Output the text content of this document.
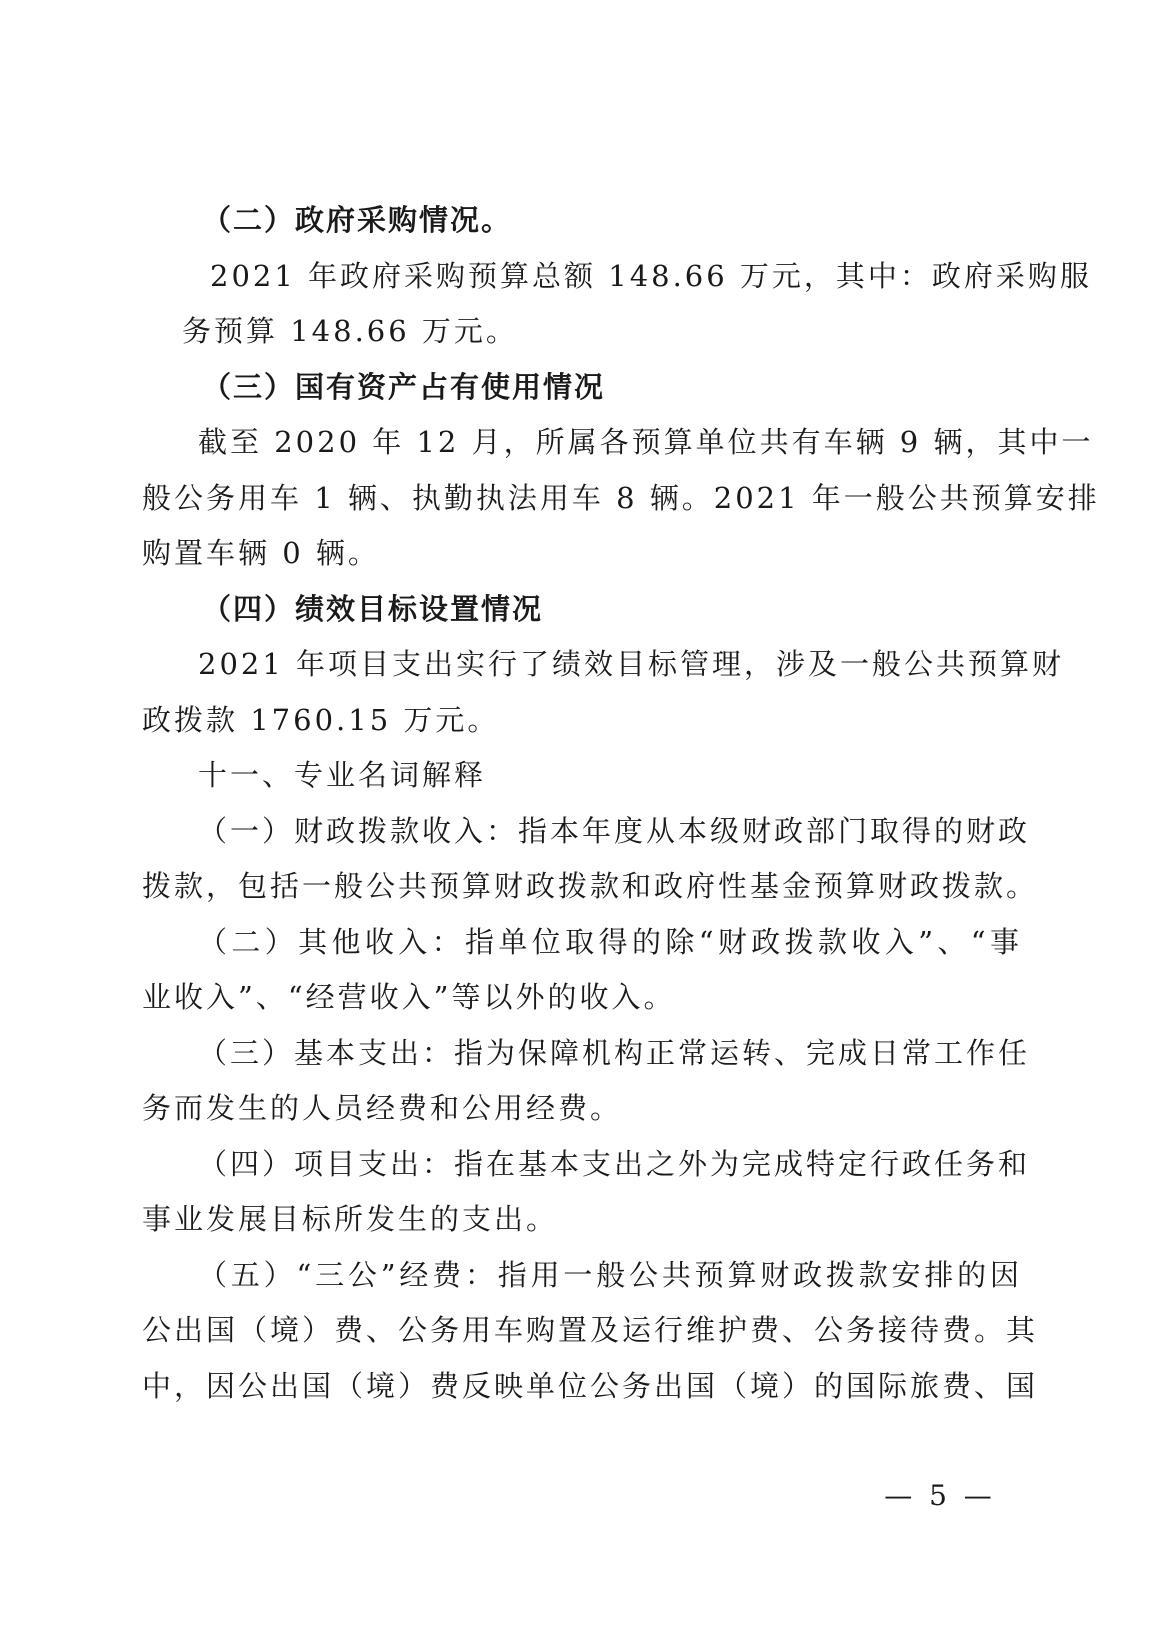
（二）政府采购情况。
2021 年政府采购预算总额 148.66 万元，其中：政府采购服
务预算 148.66 万元。
（三）国有资产占有使用情况
截至 2020 年 12 月，所属各预算单位共有车辆 9 辆，其中一
般公务用车 1 辆、执勤执法用车 8 辆。2021 年一般公共预算安排
购置车辆 0 辆。
（四）绩效目标设置情况
2021 年项目支出实行了绩效目标管理，涉及一般公共预算财
政拨款 1760.15 万元。
十一、专业名词解释
（一）财政拨款收入：指本年度从本级财政部门取得的财政
拨款，包括一般公共预算财政拨款和政府性基金预算财政拨款。
（二）其他收入：指单位取得的除“财政拨款收入”、“事
业收入”、“经营收入”等以外的收入。
（三）基本支出：指为保障机构正常运转、完成日常工作任
务而发生的人员经费和公用经费。
（四）项目支出：指在基本支出之外为完成特定行政任务和
事业发展目标所发生的支出。
（五）“三公”经费：指用一般公共预算财政拨款安排的因
公出国（境）费、公务用车购置及运行维护费、公务接待费。其
中，因公出国（境）费反映单位公务出国（境）的国际旅费、国
— 5 —
